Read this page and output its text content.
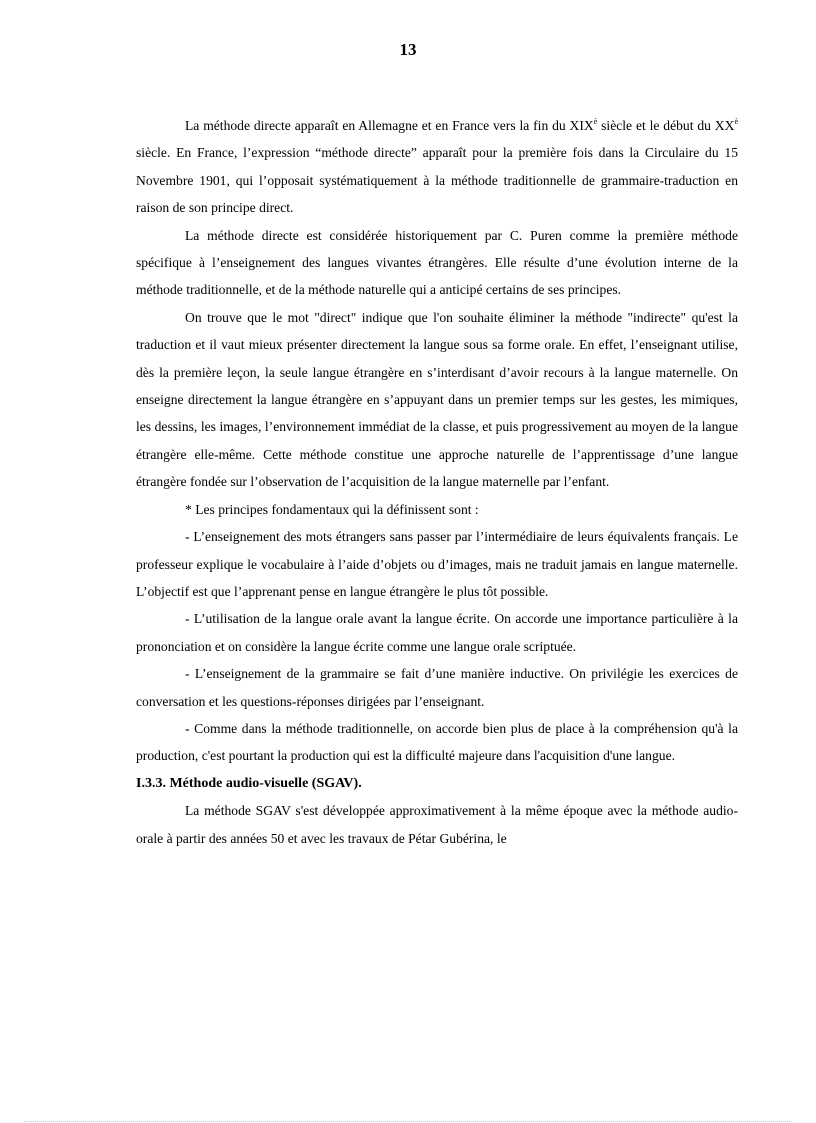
13

La méthode directe apparaît en Allemagne et en France vers la fin du $XIX^è$ siècle et le début du $XX^è$ siècle. En France, l’expression “méthode directe” apparaît pour la première fois dans la Circulaire du 15 Novembre 1901, qui l’opposait systématiquement à la méthode traditionnelle de grammaire-traduction en raison de son principe direct.

La méthode directe est considérée historiquement par C. Puren comme la première méthode spécifique à l’enseignement des langues vivantes étrangères. Elle résulte d’une évolution interne de la méthode traditionnelle, et de la méthode naturelle qui a anticipé certains de ses principes.

On trouve que le mot "direct" indique que l'on souhaite éliminer la méthode "indirecte" qu'est la traduction et il vaut mieux présenter directement la langue sous sa forme orale. En effet, l’enseignant utilise, dès la première leçon, la seule langue étrangère en s’interdisant d’avoir recours à la langue maternelle. On enseigne directement la langue étrangère en s’appuyant dans un premier temps sur les gestes, les mimiques, les dessins, les images, l’environnement immédiat de la classe, et puis progressivement au moyen de la langue étrangère elle-même. Cette méthode constitue une approche naturelle de l’apprentissage d’une langue étrangère fondée sur l’observation de l’acquisition de la langue maternelle par l’enfant.

* Les principes fondamentaux qui la définissent sont :

- L’enseignement des mots étrangers sans passer par l’intermédiaire de leurs équivalents français. Le professeur explique le vocabulaire à l’aide d’objets ou d’images, mais ne traduit jamais en langue maternelle. L’objectif est que l’apprenant pense en langue étrangère le plus tôt possible.

- L’utilisation de la langue orale avant la langue écrite. On accorde une importance particulière à la prononciation et on considère la langue écrite comme une langue orale scriptuée.

- L’enseignement de la grammaire se fait d’une manière inductive. On privilégie les exercices de conversation et les questions-réponses dirigées par l’enseignant.

- Comme dans la méthode traditionnelle, on accorde bien plus de place à la compréhension qu'à la production, c'est pourtant la production qui est la difficulté majeure dans l'acquisition d'une langue.

I.3.3. Méthode audio-visuelle (SGAV).

La méthode SGAV s'est développée approximativement à la même époque avec la méthode audio-orale à partir des années 50 et avec les travaux de Pétar Gubérina, le
